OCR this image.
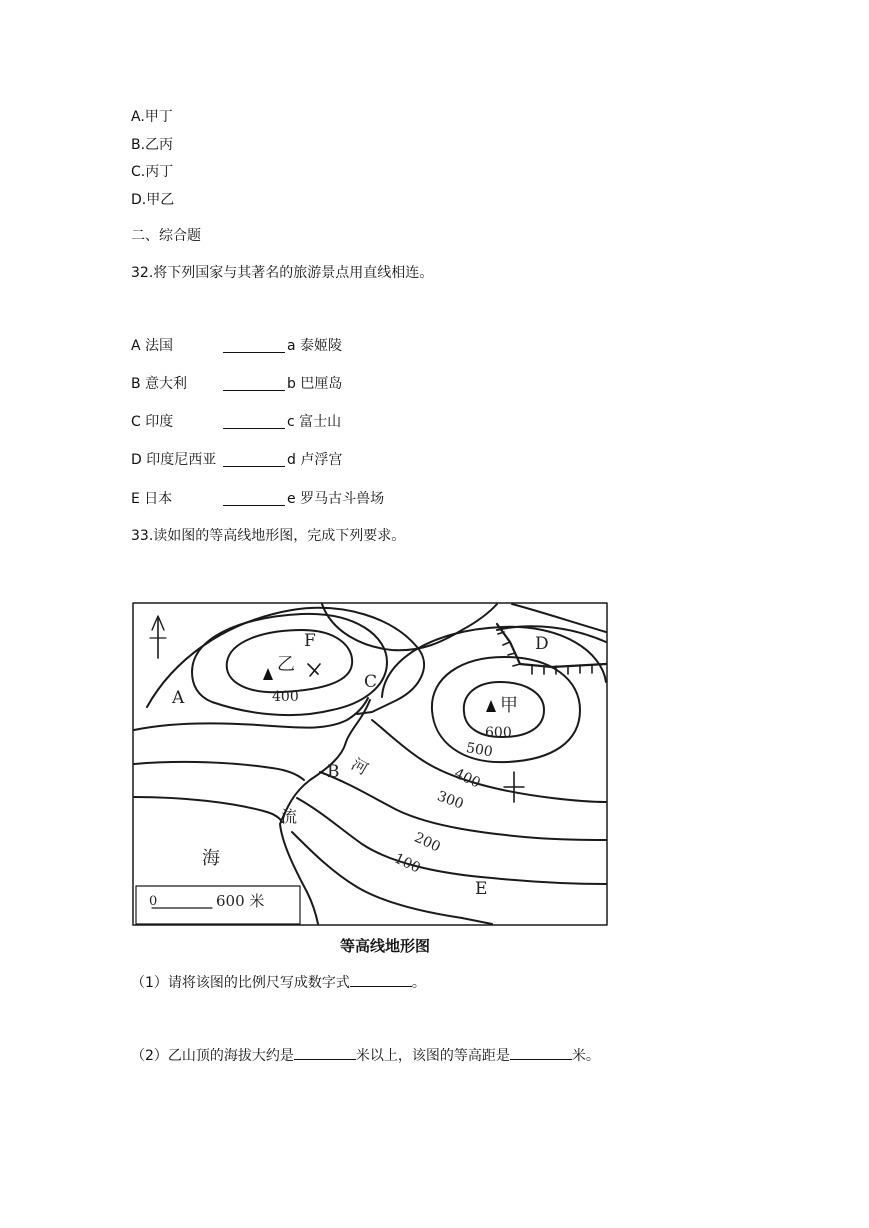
A.甲丁
B.乙丙
C.丙丁
D.甲乙
二、综合题
32.将下列国家与其著名的旅游景点用直线相连。
A 法国	a 泰姬陵
B 意大利	b 巴厘岛
C 印度	c 富士山
D 印度尼西亚	d 卢浮宫
E 日本	e 罗马古斗兽场
33.读如图的等高线地形图，完成下列要求。
A
B
C
D
E
F
乙
甲
河
流
海
400
600
500
400
300
200
100
0	600 米
等高线地形图
（1）请将该图的比例尺写成数字式	。
（2）乙山顶的海拔大约是	米以上，该图的等高距是	米。
